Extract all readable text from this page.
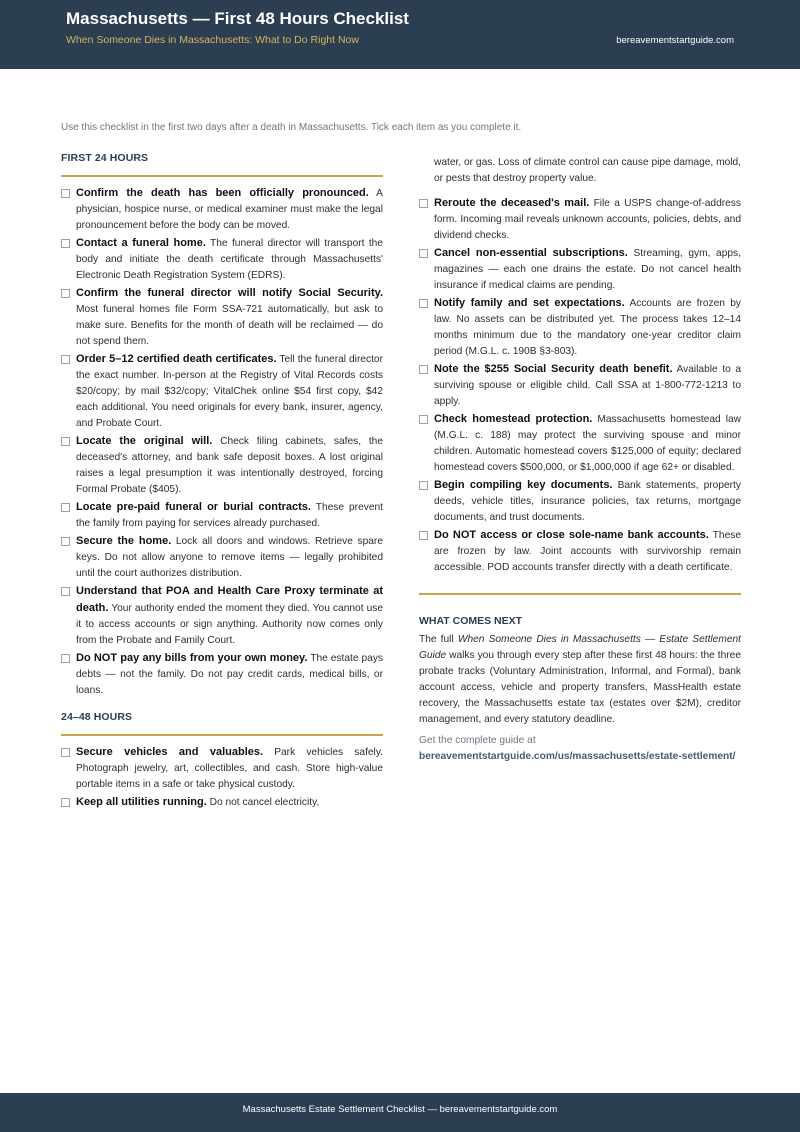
Massachusetts — First 48 Hours Checklist
When Someone Dies in Massachusetts: What to Do Right Now	bereavementstartguide.com
Use this checklist in the first two days after a death in Massachusetts. Tick each item as you complete it.
FIRST 24 HOURS
Confirm the death has been officially pronounced. A physician, hospice nurse, or medical examiner must make the legal pronouncement before the body can be moved.
Contact a funeral home. The funeral director will transport the body and initiate the death certificate through Massachusetts' Electronic Death Registration System (EDRS).
Confirm the funeral director will notify Social Security. Most funeral homes file Form SSA-721 automatically, but ask to make sure. Benefits for the month of death will be reclaimed — do not spend them.
Order 5–12 certified death certificates. Tell the funeral director the exact number. In-person at the Registry of Vital Records costs $20/copy; by mail $32/copy; VitalChek online $54 first copy, $42 each additional. You need originals for every bank, insurer, agency, and Probate Court.
Locate the original will. Check filing cabinets, safes, the deceased's attorney, and bank safe deposit boxes. A lost original raises a legal presumption it was intentionally destroyed, forcing Formal Probate ($405).
Locate pre-paid funeral or burial contracts. These prevent the family from paying for services already purchased.
Secure the home. Lock all doors and windows. Retrieve spare keys. Do not allow anyone to remove items — legally prohibited until the court authorizes distribution.
Understand that POA and Health Care Proxy terminate at death. Your authority ended the moment they died. You cannot use it to access accounts or sign anything. Authority now comes only from the Probate and Family Court.
Do NOT pay any bills from your own money. The estate pays debts — not the family. Do not pay credit cards, medical bills, or loans.
24–48 HOURS
Secure vehicles and valuables. Park vehicles safely. Photograph jewelry, art, collectibles, and cash. Store high-value portable items in a safe or take physical custody.
Keep all utilities running. Do not cancel electricity,
water, or gas. Loss of climate control can cause pipe damage, mold, or pests that destroy property value.
Reroute the deceased's mail. File a USPS change-of-address form. Incoming mail reveals unknown accounts, policies, debts, and dividend checks.
Cancel non-essential subscriptions. Streaming, gym, apps, magazines — each one drains the estate. Do not cancel health insurance if medical claims are pending.
Notify family and set expectations. Accounts are frozen by law. No assets can be distributed yet. The process takes 12–14 months minimum due to the mandatory one-year creditor claim period (M.G.L. c. 190B §3-803).
Note the $255 Social Security death benefit. Available to a surviving spouse or eligible child. Call SSA at 1-800-772-1213 to apply.
Check homestead protection. Massachusetts homestead law (M.G.L. c. 188) may protect the surviving spouse and minor children. Automatic homestead covers $125,000 of equity; declared homestead covers $500,000, or $1,000,000 if age 62+ or disabled.
Begin compiling key documents. Bank statements, property deeds, vehicle titles, insurance policies, tax returns, mortgage documents, and trust documents.
Do NOT access or close sole-name bank accounts. These are frozen by law. Joint accounts with survivorship remain accessible. POD accounts transfer directly with a death certificate.
WHAT COMES NEXT
The full When Someone Dies in Massachusetts — Estate Settlement Guide walks you through every step after these first 48 hours: the three probate tracks (Voluntary Administration, Informal, and Formal), bank account access, vehicle and property transfers, MassHealth estate recovery, the Massachusetts estate tax (estates over $2M), creditor management, and every statutory deadline.
Get the complete guide at
bereavementstartguide.com/us/massachusetts/estate-settlement/
Massachusetts Estate Settlement Checklist — bereavementstartguide.com
